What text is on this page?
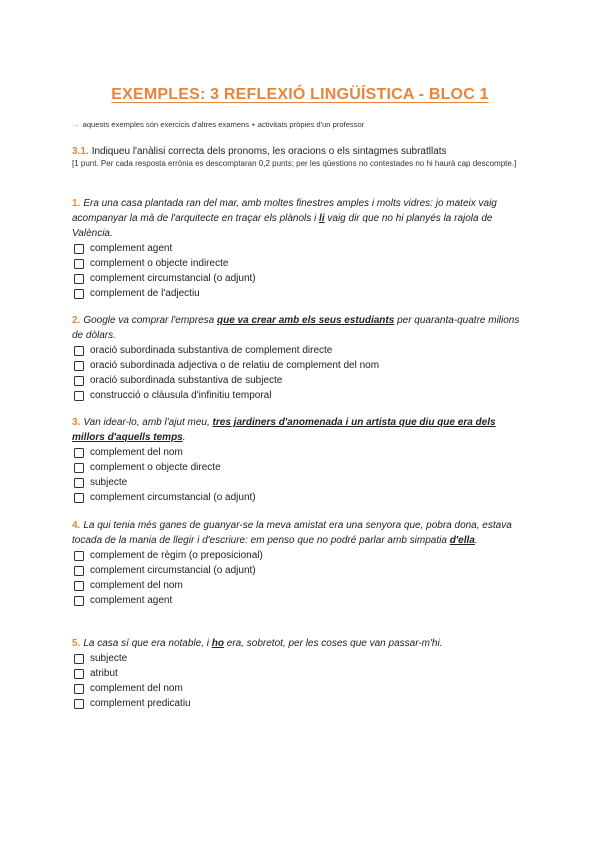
EXEMPLES: 3 REFLEXIÓ LINGÜÍSTICA - BLOC 1
→ aquests exemples són exercicis d'altres examens + activitats pròpies d'un professor
3.1. Indiqueu l'anàlisi correcta dels pronoms, les oracions o els sintagmes subratllats
[1 punt. Per cada resposta errònia es descomptaran 0,2 punts; per les qüestions no contestades no hi haurà cap descompte.]

1. Era una casa plantada ran del mar, amb moltes finestres amples i molts vidres: jo mateix vaig acompanyar la mà de l'arquitecte en traçar els plànols i li vaig dir que no hi planyés la rajola de València.

complement agent
complement o objecte indirecte
complement circumstancial (o adjunt)
complement de l'adjectiu

2. Google va comprar l'empresa que va crear amb els seus estudiants per quaranta-quatre milions de dòlars.

oració subordinada substantiva de complement directe
oració subordinada adjectiva o de relatiu de complement del nom
oració subordinada substantiva de subjecte
construcció o clàusula d'infinitiu temporal

3. Van idear-lo, amb l'ajut meu, tres jardiners d'anomenada i un artista que diu que era dels millors d'aquells temps.

complement del nom
complement o objecte directe
subjecte
complement circumstancial (o adjunt)

4. La qui tenia més ganes de guanyar-se la meva amistat era una senyora que, pobra dona, estava tocada de la mania de llegir i d'escriure: em penso que no podré parlar amb simpatia d'ella.

complement de règim (o preposicional)
complement circumstancial (o adjunt)
complement del nom
complement agent

5. La casa sí que era notable, i ho era, sobretot, per les coses que van passar-m'hi.

subjecte
atribut
complement del nom
complement predicatiu
